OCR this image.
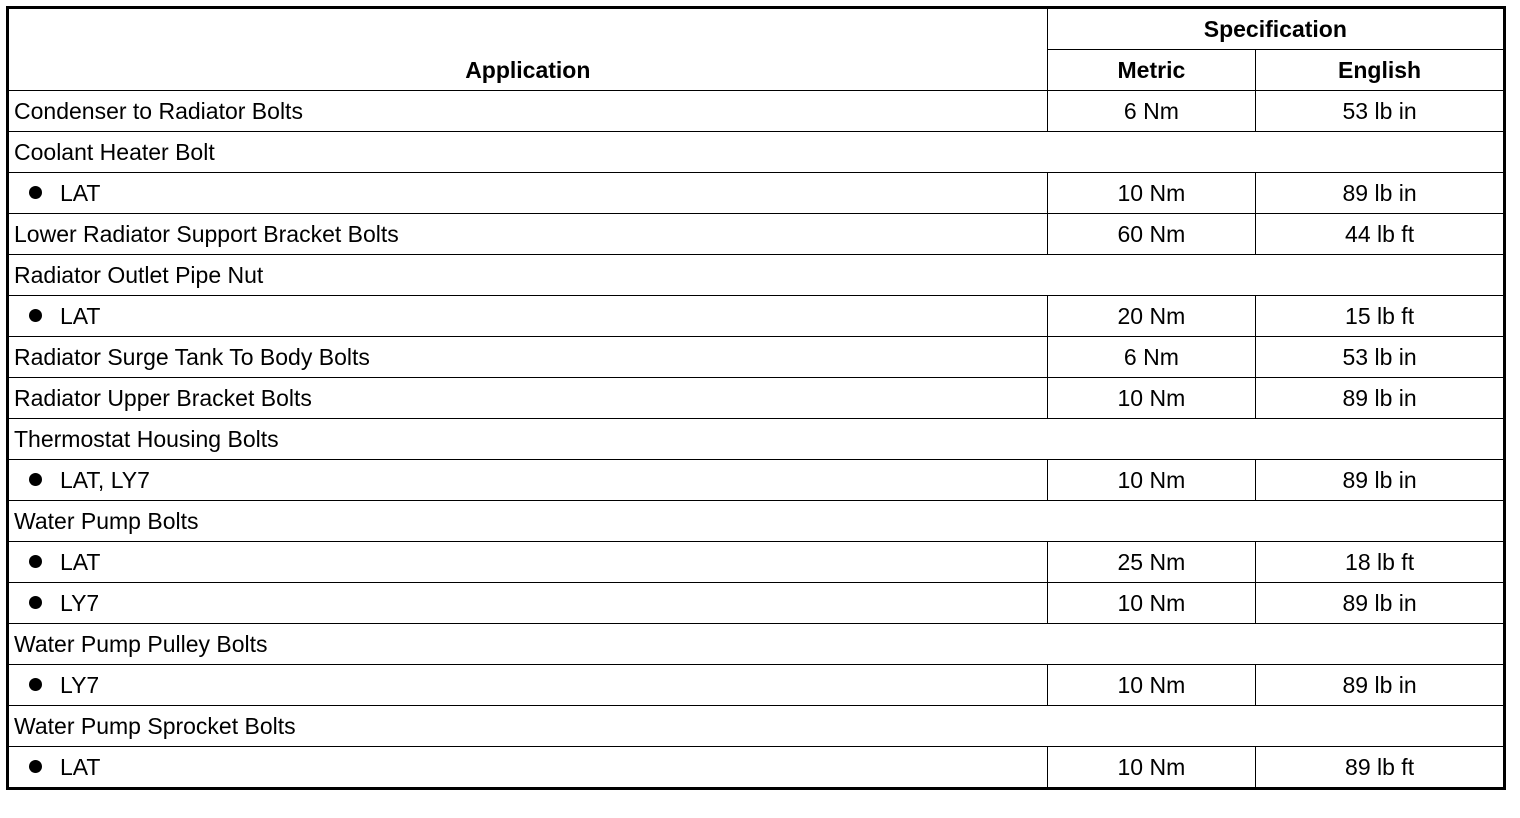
Application	Specification	
	Metric	English
Condenser to Radiator Bolts	6 Nm	53 lb in
Coolant Heater Bolt		
LAT	10 Nm	89 lb in
Lower Radiator Support Bracket Bolts	60 Nm	44 lb ft
Radiator Outlet Pipe Nut		
LAT	20 Nm	15 lb ft
Radiator Surge Tank To Body Bolts	6 Nm	53 lb in
Radiator Upper Bracket Bolts	10 Nm	89 lb in
Thermostat Housing Bolts		
LAT, LY7	10 Nm	89 lb in
Water Pump Bolts		
LAT	25 Nm	18 lb ft
LY7	10 Nm	89 lb in
Water Pump Pulley Bolts		
LY7	10 Nm	89 lb in
Water Pump Sprocket Bolts		
LAT	10 Nm	89 lb ft
